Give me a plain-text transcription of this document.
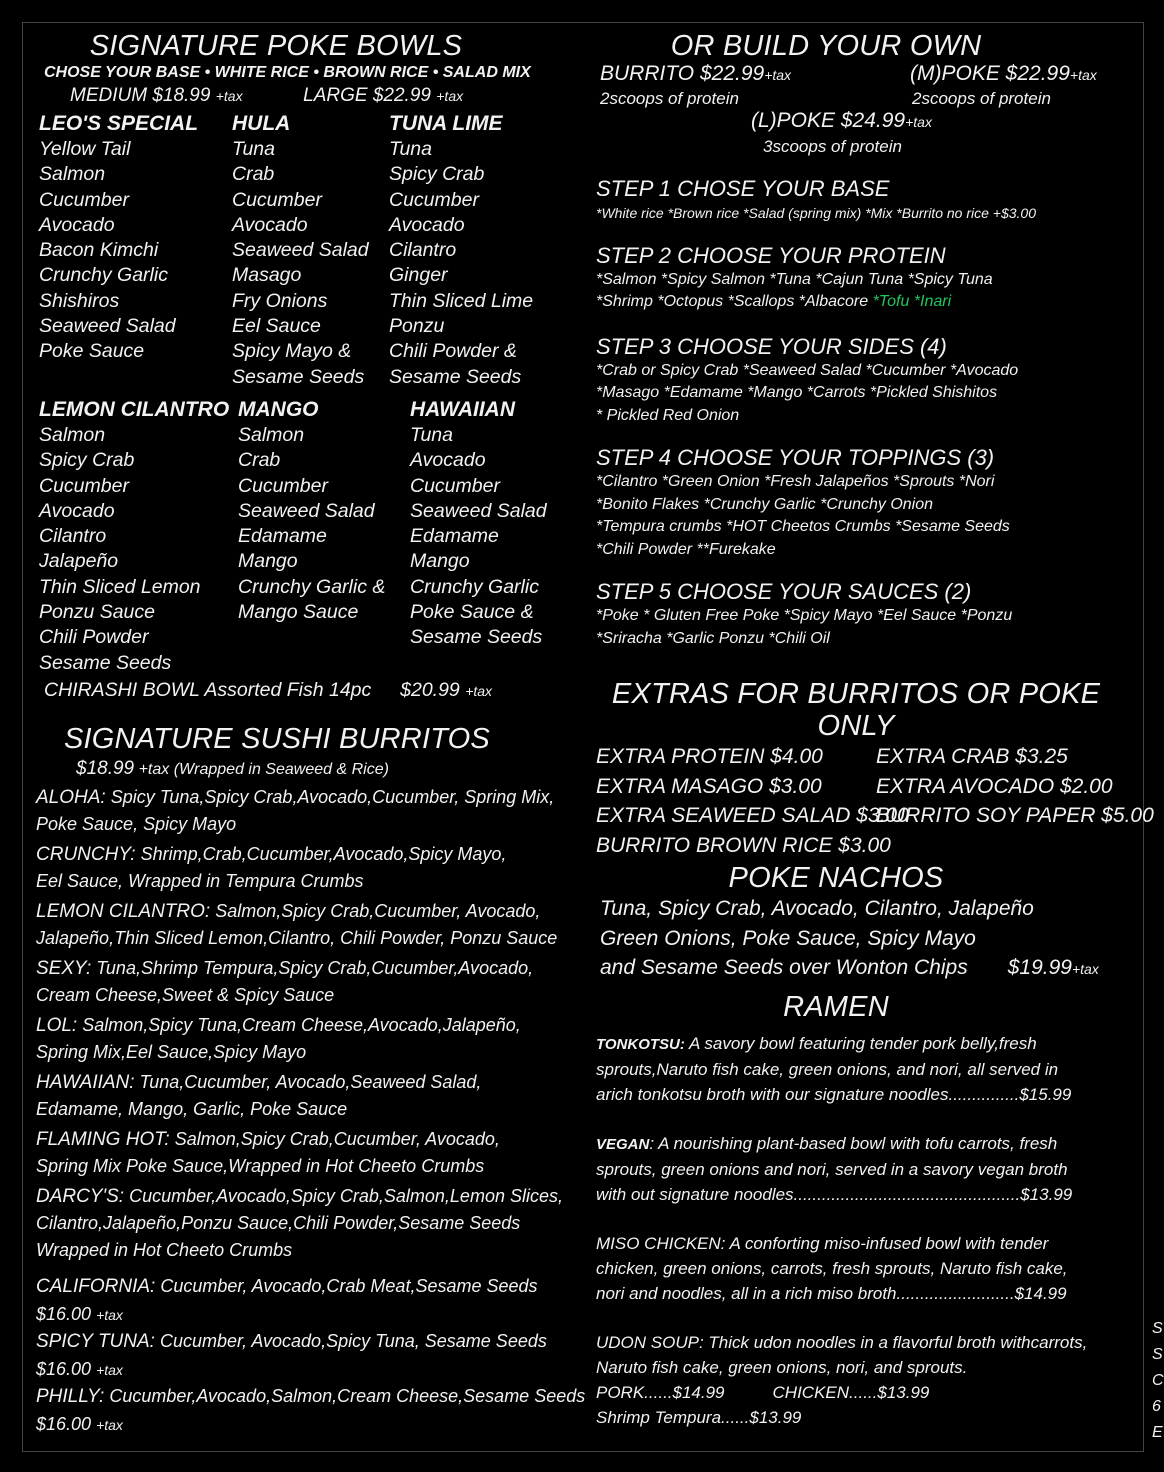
SIGNATURE POKE BOWLS
CHOSE YOUR BASE • WHITE RICE • BROWN RICE • SALAD MIX
MEDIUM $18.99 +tax	LARGE $22.99 +tax
LEO'S SPECIAL
Yellow Tail
Salmon
Cucumber
Avocado
Bacon Kimchi
Crunchy Garlic
Shishiros
Seaweed Salad
Poke Sauce
HULA
Tuna
Crab
Cucumber
Avocado
Seaweed Salad
Masago
Fry Onions
Eel Sauce
Spicy Mayo &
Sesame Seeds
TUNA LIME
Tuna
Spicy Crab
Cucumber
Avocado
Cilantro
Ginger
Thin Sliced Lime
Ponzu
Chili Powder &
Sesame Seeds
LEMON CILANTRO
Salmon
Spicy Crab
Cucumber
Avocado
Cilantro
Jalapeño
Thin Sliced Lemon
Ponzu Sauce
Chili Powder
Sesame Seeds
MANGO
Salmon
Crab
Cucumber
Seaweed Salad
Edamame
Mango
Crunchy Garlic &
Mango Sauce
HAWAIIAN
Tuna
Avocado
Cucumber
Seaweed Salad
Edamame
Mango
Crunchy Garlic
Poke Sauce &
Sesame Seeds
CHIRASHI BOWL Assorted Fish 14pc $20.99 +tax
SIGNATURE SUSHI BURRITOS
$18.99 +tax (Wrapped in Seaweed & Rice)
ALOHA: Spicy Tuna,Spicy Crab,Avocado,Cucumber, Spring Mix,
Poke Sauce, Spicy Mayo
CRUNCHY: Shrimp,Crab,Cucumber,Avocado,Spicy Mayo,
Eel Sauce, Wrapped in Tempura Crumbs
LEMON CILANTRO: Salmon,Spicy Crab,Cucumber, Avocado,
Jalapeño,Thin Sliced Lemon,Cilantro, Chili Powder, Ponzu Sauce
SEXY: Tuna,Shrimp Tempura,Spicy Crab,Cucumber,Avocado,
Cream Cheese,Sweet & Spicy Sauce
LOL: Salmon,Spicy Tuna,Cream Cheese,Avocado,Jalapeño,
Spring Mix,Eel Sauce,Spicy Mayo
HAWAIIAN: Tuna,Cucumber, Avocado,Seaweed Salad,
Edamame, Mango, Garlic, Poke Sauce
FLAMING HOT: Salmon,Spicy Crab,Cucumber, Avocado,
Spring Mix Poke Sauce,Wrapped in Hot Cheeto Crumbs
DARCY'S: Cucumber,Avocado,Spicy Crab,Salmon,Lemon Slices,
Cilantro,Jalapeño,Ponzu Sauce,Chili Powder,Sesame Seeds
Wrapped in Hot Cheeto Crumbs
CALIFORNIA: Cucumber, Avocado,Crab Meat,Sesame Seeds
$16.00 +tax
SPICY TUNA: Cucumber, Avocado,Spicy Tuna, Sesame Seeds
$16.00 +tax
PHILLY: Cucumber,Avocado,Salmon,Cream Cheese,Sesame Seeds
$16.00 +tax
OR BUILD YOUR OWN
BURRITO $22.99+tax
2scoops of protein
(M)POKE $22.99+tax
2scoops of protein
(L)POKE $24.99+tax
3scoops of protein
STEP 1 CHOSE YOUR BASE
*White rice *Brown rice *Salad (spring mix) *Mix *Burrito no rice +$3.00
STEP 2 CHOOSE YOUR PROTEIN
*Salmon *Spicy Salmon *Tuna *Cajun Tuna *Spicy Tuna
*Shrimp *Octopus *Scallops *Albacore *Tofu *Inari
STEP 3 CHOOSE YOUR SIDES (4)
*Crab or Spicy Crab *Seaweed Salad *Cucumber *Avocado
*Masago *Edamame *Mango *Carrots *Pickled Shishitos
* Pickled Red Onion
STEP 4 CHOOSE YOUR TOPPINGS (3)
*Cilantro *Green Onion *Fresh Jalapeños *Sprouts *Nori
*Bonito Flakes *Crunchy Garlic *Crunchy Onion
*Tempura crumbs *HOT Cheetos Crumbs *Sesame Seeds
*Chili Powder **Furekake
STEP 5 CHOOSE YOUR SAUCES (2)
*Poke * Gluten Free Poke *Spicy Mayo *Eel Sauce *Ponzu
*Sriracha *Garlic Ponzu *Chili Oil
EXTRAS FOR BURRITOS OR POKE ONLY
EXTRA PROTEIN $4.00	EXTRA CRAB $3.25
EXTRA MASAGO $3.00	EXTRA AVOCADO $2.00
EXTRA SEAWEED SALAD $3.00
BURRITO SOY PAPER $5.00
BURRITO BROWN RICE $3.00
POKE NACHOS
Tuna, Spicy Crab, Avocado, Cilantro, Jalapeño
Green Onions, Poke Sauce, Spicy Mayo
and Sesame Seeds over Wonton Chips $19.99+tax
RAMEN
TONKOTSU: A savory bowl featuring tender pork belly,fresh
sprouts,Naruto fish cake, green onions, and nori, all served in
arich tonkotsu broth with our signature noodles...............$15.99
VEGAN: A nourishing plant-based bowl with tofu carrots, fresh
sprouts, green onions and nori, served in a savory vegan broth
with out signature noodles................................................$13.99
MISO CHICKEN: A conforting miso-infused bowl with tender
chicken, green onions, carrots, fresh sprouts, Naruto fish cake,
nori and noodles, all in a rich miso broth.........................$14.99
UDON SOUP: Thick udon noodles in a flavorful broth withcarrots,
Naruto fish cake, green onions, nori, and sprouts.
PORK......$14.99	CHICKEN......$13.99
Shrimp Tempura......$13.99
S
S
C
6
E
